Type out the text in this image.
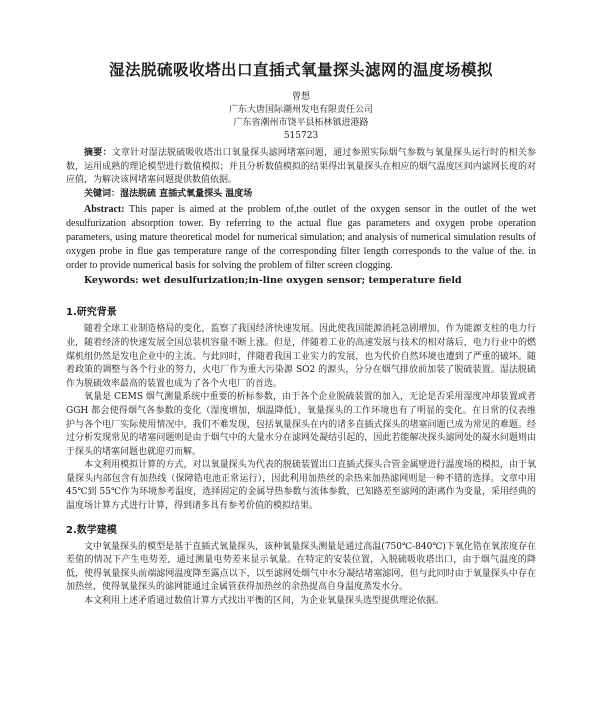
湿法脱硫吸收塔出口直插式氧量探头滤网的温度场模拟
曾想
广东大唐国际潮州发电有限责任公司
广东省潮州市饶平县柘林镇进港路
515723

摘要：文章针对湿法脱硫吸收塔出口氧量探头滤网堵塞问题，通过参照实际烟气参数与氧量探头运行时的相关参数，运用成熟的理论模型进行数值模拟；并且分析数值模拟的结果得出氧量探头在相应的烟气温度区间内滤网长度的对应值，为解决该网堵塞问题提供数值依据。

关键词：湿法脱硫 直插式氧量探头 温度场

Abstract: This paper is aimed at the problem of,the outlet of the oxygen sensor in the outlet of the wet desulfurization absorption tower. By referring to the actual flue gas parameters and oxygen probe operation parameters, using mature theoretical model for numerical simulation; and analysis of numerical simulation results of oxygen probe in flue gas temperature range of the corresponding filter length corresponds to the value of the. in order to provide numerical basis for solving the problem of filter screen clogging.

Keywords: wet desulfurization;in-line oxygen sensor; temperature field

1.研究背景

随着全球工业制造格局的变化，监察了我国经济快速发展。因此使我国能源消耗急剧增加，作为能源支柱的电力行业，随着经济的快速发展全国总装机容量不断上涨。但是，伴随着工业的高速发展与技术的相对落后，电力行业中的燃煤机组仍然是发电企业中的主流。与此同时，伴随着我国工业实力的发展，也为代价自然环境也遭到了严重的破坏。随着政策的调整与各个行业的努力，火电厂作为重大污染源 SO2 的源头，分分在烟气排放前加装了脱硫装置。湿法脱硫作为脱硫效率最高的装置也成为了各个火电厂的首选。

氧量是 CEMS 烟气测量系统中重要的析标参数，由于各个企业脱硫装置的加入，无论是否采用湿度冲却装置或者 GGH 都会使得烟气各参数的变化（湿度增加，烟温降低），氧量探头的工作环境也有了明显的变化。在日常的仪表维护与各个电厂实际使用情况中，我们不难发现，包括氧量探头在内的诸多直插式探头的堵塞问题已成为常见的难题。经过分析发现常见的堵塞问题则是由于烟气中的大量水分在滤网处凝结引起的，因此若能解决探头滤网处的凝水问题则由于探头的堵塞问题也就迎刃而解。

本文利用模拟计算的方式，对以氧量探头为代表的脱硫装置出口直插式探头合管金属壁进行温度场的模拟，由于氧量探头内部包含有加热线（保障锆电池正常运行），因此利用加热丝的余热来加热滤网则是一种不错的选择。文章中用 45℃到 55℃作为环境参考温度，选择固定的金属导热参数与流体参数，已知路差至滤网的距离作为变量，采用经典的温度场计算方式进行计算，得到诸多具有参考价值的模拟结果。

2.数学建模

文中氧量探头的模型是基于直插式氧量探头，该种氧量探头测量是通过高温(750℃-840℃)下氧化锆在氧浓度存在差值的情况下产生电势差，通过测量电势差来显示氧量。在特定的安装位置，入脱硫吸收塔出口，由于烟气温度的降低，使得氧量探头前端滤网温度降至露点以下，以至滤网处烟气中水分凝结堵塞滤网，但与此同时由于氧量探头中存在加热丝，使得氧量探头的滤网能通过金属管获得加热丝的余热提高自身温度蒸发水分。

本文利用上述矛盾通过数值计算方式找出平衡的区间，为企业氧量探头选型提供理论依据。
